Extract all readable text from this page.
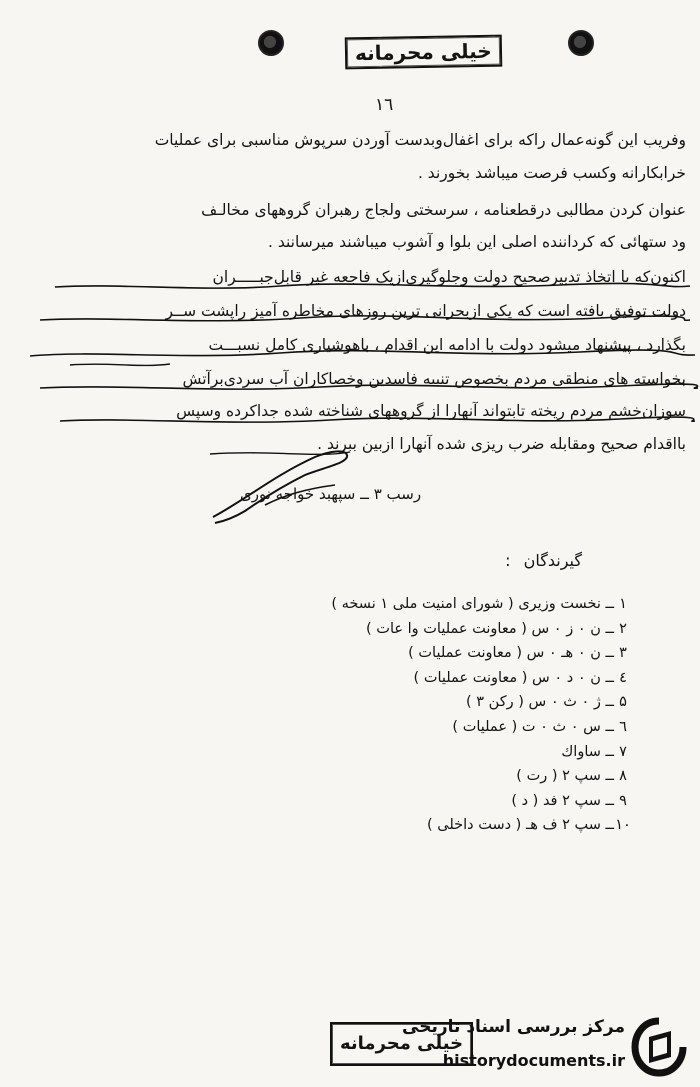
خیلی محرمانه
۱٦
وفریب این گونه‌عمال راکه برای اغفال‌وبدست آوردن سرپوش مناسبی برای عملیات
خرابکارانه وکسب فرصت میباشد بخورند .
عنوان کردن مطالبی درقطعنامه ، سرسختی ولجاج رهبران گروههای مخالـف
ود ستهائی که کرداننده اصلی این بلوا و آشوب میباشند میرسانند .
اکنون‌که با اتخاذ تدبیرصحیح دولت وجلوگیری‌ازیک فاجعه غیر قابل‌جبـــــران
دولت توفیق یافته است که یکی ازبحرانی ترین روزهای مخاطره آمیز راپشت ســر
بگذارد ، پیشنهاد میشود دولت با ادامه این اقدام ، باهوشیاری کامل نسبـــت
بخواسته های منطقی مردم بخصوص تنبیه فاسدین وخصاکاران آب سردی‌برآتش
سوزان‌خشم مردم ریخته تابتواند آنها‌را از گروههای شناخته شده جداکرده وسپس
بااقدام صحیح ومقابله ضرب ریزی شده آنها‌را ازبین ببرند .
رسب ۳ ــ سپهبد خواجه نوری
گیرندگان :
۱ــ نخست وزیری ( شورای امنیت ملی ۱ نسخه )
۲ــ ن ۰ ز ۰ س ( معاونت عملیات وا عات )
۳ــ ن ۰ هـ ۰ س ( معاونت عملیات )
٤ــ ن ۰ د ۰ س ( معاونت عملیات )
۵ــ ژ ۰ ث ۰ س ( رکن ۳ )
٦ــ س ۰ ث ۰ ت ( عملیات )
۷ــ ساواك
۸ــ سپ ۲ ( رت )
۹ــ سپ ۲ فد ( د )
۱۰ــ سپ ۲ ف هـ ( دست داخلی )
خیلی محرمانه
مرکز بررسی اسناد تاریخی
historydocuments.ir
